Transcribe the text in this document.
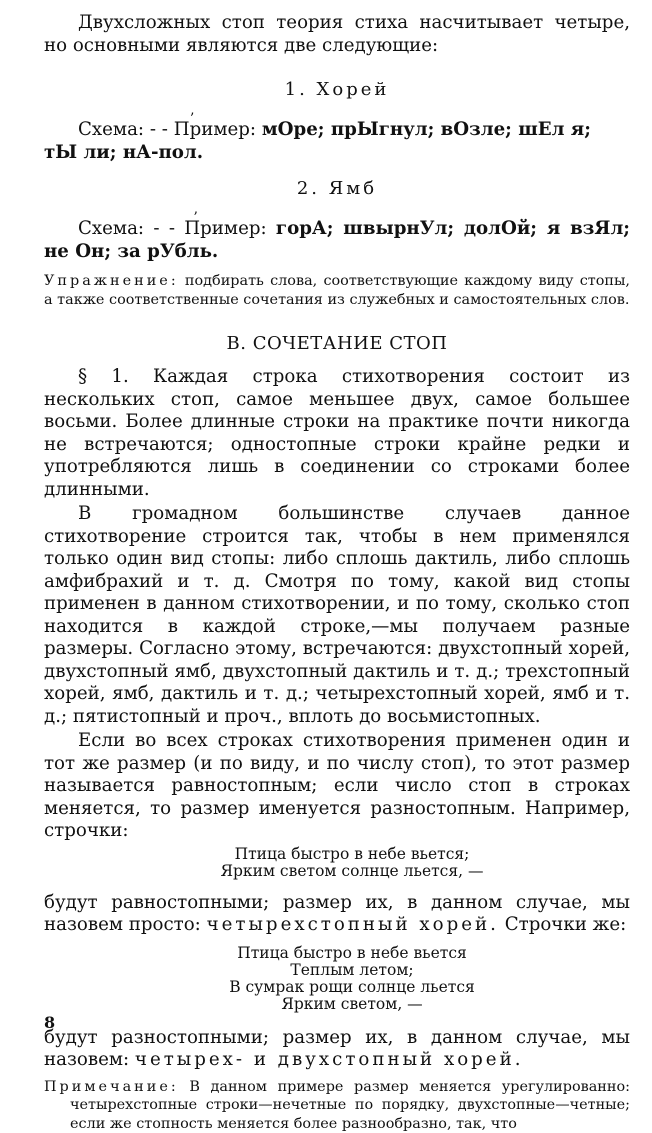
Двухсложных стоп теория стиха насчитывает четыре, но основными являются две следующие:

1. Хорей

Схема: ’ - - Пример: мОре; прЫгнул; вОзле; шЕл я; тЫ ли; нА-пол.

2. Ямб

Схема: ’ - - Пример: горА; швырнУл; долОй; я взЯл; не Он; за рУбль.

Упражнение: подбирать слова, соответствующие каждому виду стопы, а также соответственные сочетания из служебных и самостоятельных слов.

В. СОЧЕТАНИЕ СТОП

§ 1. Каждая строка стихотворения состоит из нескольких стоп, самое меньшее двух, самое большее восьми. Более длинные строки на практике почти никогда не встречаются; одностопные строки крайне редки и употребляются лишь в соединении со строками более длинными.

В громадном большинстве случаев данное стихотворение строится так, чтобы в нем применялся только один вид стопы: либо сплошь дактиль, либо сплошь амфибрахий и т. д. Смотря по тому, какой вид стопы применен в данном стихотворении, и по тому, сколько стоп находится в каждой строке,—мы получаем разные размеры. Согласно этому, встречаются: двухстопный хорей, двухстопный ямб, двухстопный дактиль и т. д.; трехстопный хорей, ямб, дактиль и т. д.; четырехстопный хорей, ямб и т. д.; пятистопный и проч., вплоть до восьмистопных.

Если во всех строках стихотворения применен один и тот же размер (и по виду, и по числу стоп), то этот размер называется равностопным; если число стоп в строках меняется, то размер именуется разностопным. Например, строчки:

Птица быстро в небе вьется;

Ярким светом солнце льется, —

будут равностопными; размер их, в данном случае, мы назовем просто: четырехстопный хорей. Строчки же:

Птица быстро в небе вьется

Теплым летом;

В сумрак рощи солнце льется

Ярким светом, —

будут разностопными; размер их, в данном случае, мы назовем: четырех- и двухстопный хорей.

Примечание: В данном примере размер меняется урегулированно: четырехстопные строки—нечетные по порядку, двухстопные—четные; если же стопность меняется более разнообразно, так, что

8
